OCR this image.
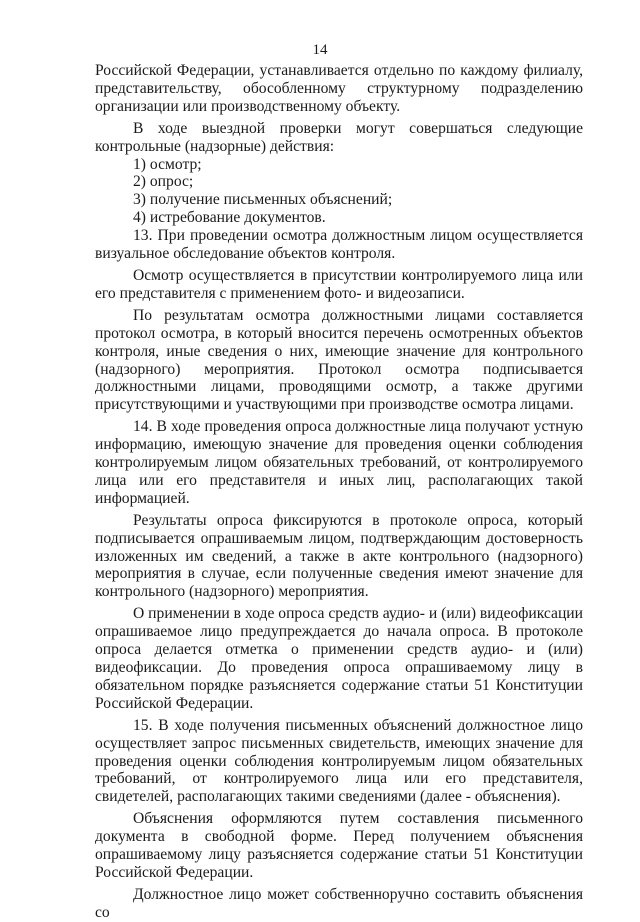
14

Российской Федерации, устанавливается отдельно по каждому филиалу, представительству, обособленному структурному подразделению организации или производственному объекту.

В ходе выездной проверки могут совершаться следующие контрольные (надзорные) действия:

1) осмотр;

2) опрос;

3) получение письменных объяснений;

4) истребование документов.

13. При проведении осмотра должностным лицом осуществляется визуальное обследование объектов контроля.

Осмотр осуществляется в присутствии контролируемого лица или его представителя с применением фото- и видеозаписи.

По результатам осмотра должностными лицами составляется протокол осмотра, в который вносится перечень осмотренных объектов контроля, иные сведения о них, имеющие значение для контрольного (надзорного) мероприятия. Протокол осмотра подписывается должностными лицами, проводящими осмотр, а также другими присутствующими и участвующими при производстве осмотра лицами.

14. В ходе проведения опроса должностные лица получают устную информацию, имеющую значение для проведения оценки соблюдения контролируемым лицом обязательных требований, от контролируемого лица или его представителя и иных лиц, располагающих такой информацией.

Результаты опроса фиксируются в протоколе опроса, который подписывается опрашиваемым лицом, подтверждающим достоверность изложенных им сведений, а также в акте контрольного (надзорного) мероприятия в случае, если полученные сведения имеют значение для контрольного (надзорного) мероприятия.

О применении в ходе опроса средств аудио- и (или) видеофиксации опрашиваемое лицо предупреждается до начала опроса. В протоколе опроса делается отметка о применении средств аудио- и (или) видеофиксации. До проведения опроса опрашиваемому лицу в обязательном порядке разъясняется содержание статьи 51 Конституции Российской Федерации.

15. В ходе получения письменных объяснений должностное лицо осуществляет запрос письменных свидетельств, имеющих значение для проведения оценки соблюдения контролируемым лицом обязательных требований, от контролируемого лица или его представителя, свидетелей, располагающих такими сведениями (далее - объяснения).

Объяснения оформляются путем составления письменного документа в свободной форме. Перед получением объяснения опрашиваемому лицу разъясняется содержание статьи 51 Конституции Российской Федерации.

Должностное лицо может собственноручно составить объяснения со
